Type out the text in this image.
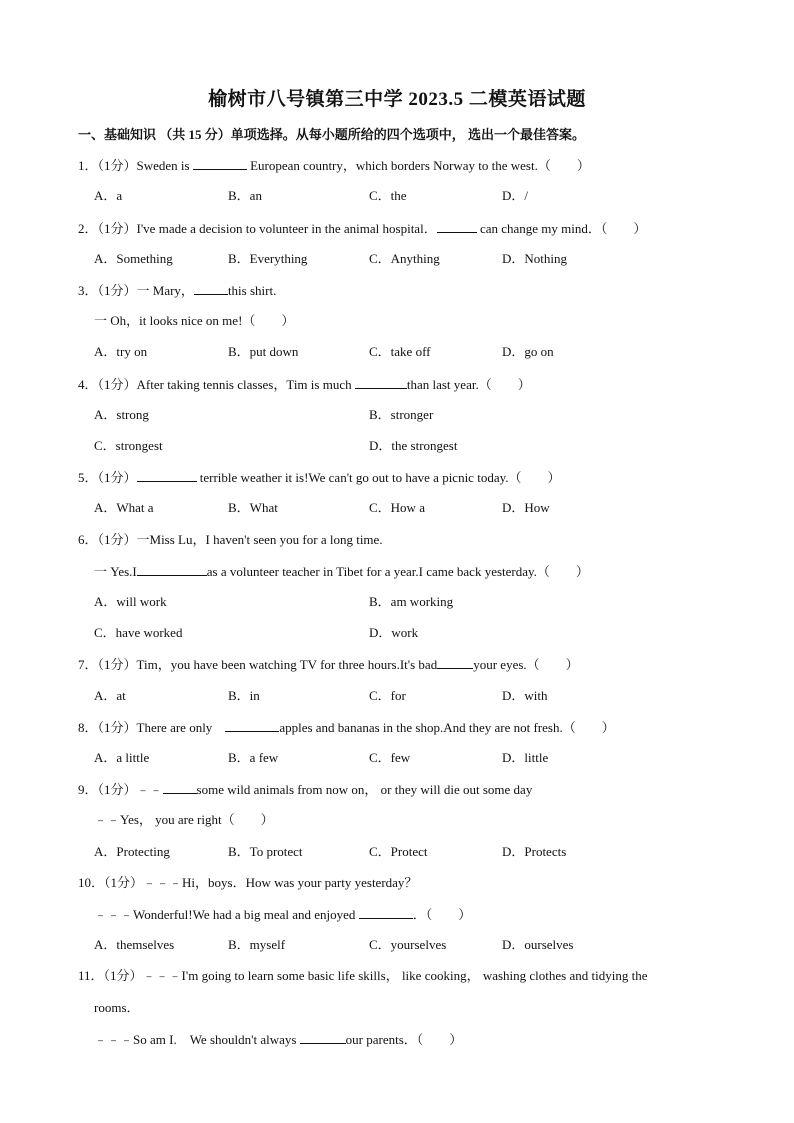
榆树市八号镇第三中学 2023.5 二模英语试题
一、基础知识 （共 15 分）单项选择。从每小题所给的四个选项中， 选出一个最佳答案。
1．（1分）Sweden is	European country，which borders Norway to the west.（　　）
A．a	B．an	C．the	D．/
2．（1分）I've made a decision to volunteer in the animal hospital．	can change my mind．（　　）
A．Something	B．Everything	C．Anything	D．Nothing
3．（1分）一 Mary，	this shirt.
一 Oh，it looks nice on me!（　　）
A．try on	B．put down	C．take off	D．go on
4．（1分）After taking tennis classes，Tim is much	than last year.（　　）
A．strong	B．stronger
C．strongest	D．the strongest
5．（1分）	terrible weather it is!We can't go out to have a picnic today.（　　）
A．What a	B．What	C．How a	D．How
6．（1分）一Miss Lu，I haven't seen you for a long time.
一 Yes.I	as a volunteer teacher in Tibet for a year.I came back yesterday.（　　）
A．will work	B．am working
C．have worked	D．work
7．（1分）Tim，you have been watching TV for three hours.It's bad	your eyes.（　　）
A．at	B．in	C．for	D．with
8．（1分）There are only　	apples and bananas in the shop.And they are not fresh.（　　）
A．a little	B．a few	C．few	D．little
9．（1分）﹣﹣	some wild animals from now on， or they will die out some day
﹣﹣Yes， you are right（　　）
A．Protecting	B．To protect	C．Protect	D．Protects
10．（1分）﹣﹣﹣Hi，boys．How was your party yesterday？
﹣﹣﹣Wonderful!We had a big meal and enjoyed	．（　　）
A．themselves	B．myself	C．yourselves	D．ourselves
11．（1分）﹣﹣﹣I'm going to learn some basic life skills， like cooking， washing clothes and tidying the
rooms．
﹣﹣﹣So am I.　We shouldn't always	our parents．（　　）
